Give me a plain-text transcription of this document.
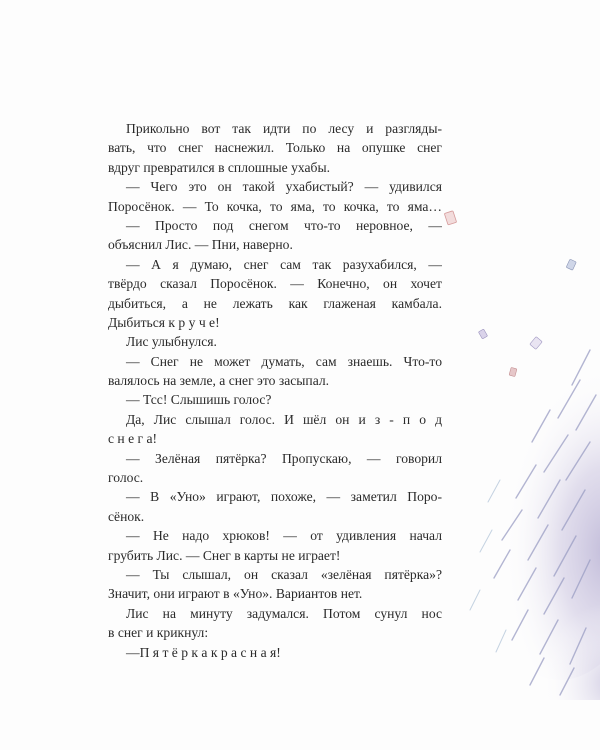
Прикольно вот так идти по лесу и разгляды-
вать, что снег наснежил. Только на опушке снег
вдруг превратился в сплошные ухабы.
— Чего это он такой ухабистый? — удивился
Поросёнок. — То кочка, то яма, то кочка, то яма…
— Просто под снегом что-то неровное, —
объяснил Лис. — Пни, наверно.
— А я думаю, снег сам так разухабился, —
твёрдо сказал Поросёнок. — Конечно, он хочет
дыбиться, а не лежать как глаженая камбала.
Дыбиться к р у ч е!
Лис улыбнулся.
— Снег не может думать, сам знаешь. Что-то
валялось на земле, а снег это засыпал.
— Тсс! Слышишь голос?
Да, Лис слышал голос. И шёл он и з - п о д
с н е г а!
— Зелёная пятёрка? Пропускаю, — говорил
голос.
— В «Уно» играют, похоже, — заметил Поро-
сёнок.
— Не надо хрюков! — от удивления начал
грубить Лис. — Снег в карты не играет!
— Ты слышал, он сказал «зелёная пятёрка»?
Значит, они играют в «Уно». Вариантов нет.
Лис на минуту задумался. Потом сунул нос
в снег и крикнул:
—П я т ё р к а к р а с н а я!
